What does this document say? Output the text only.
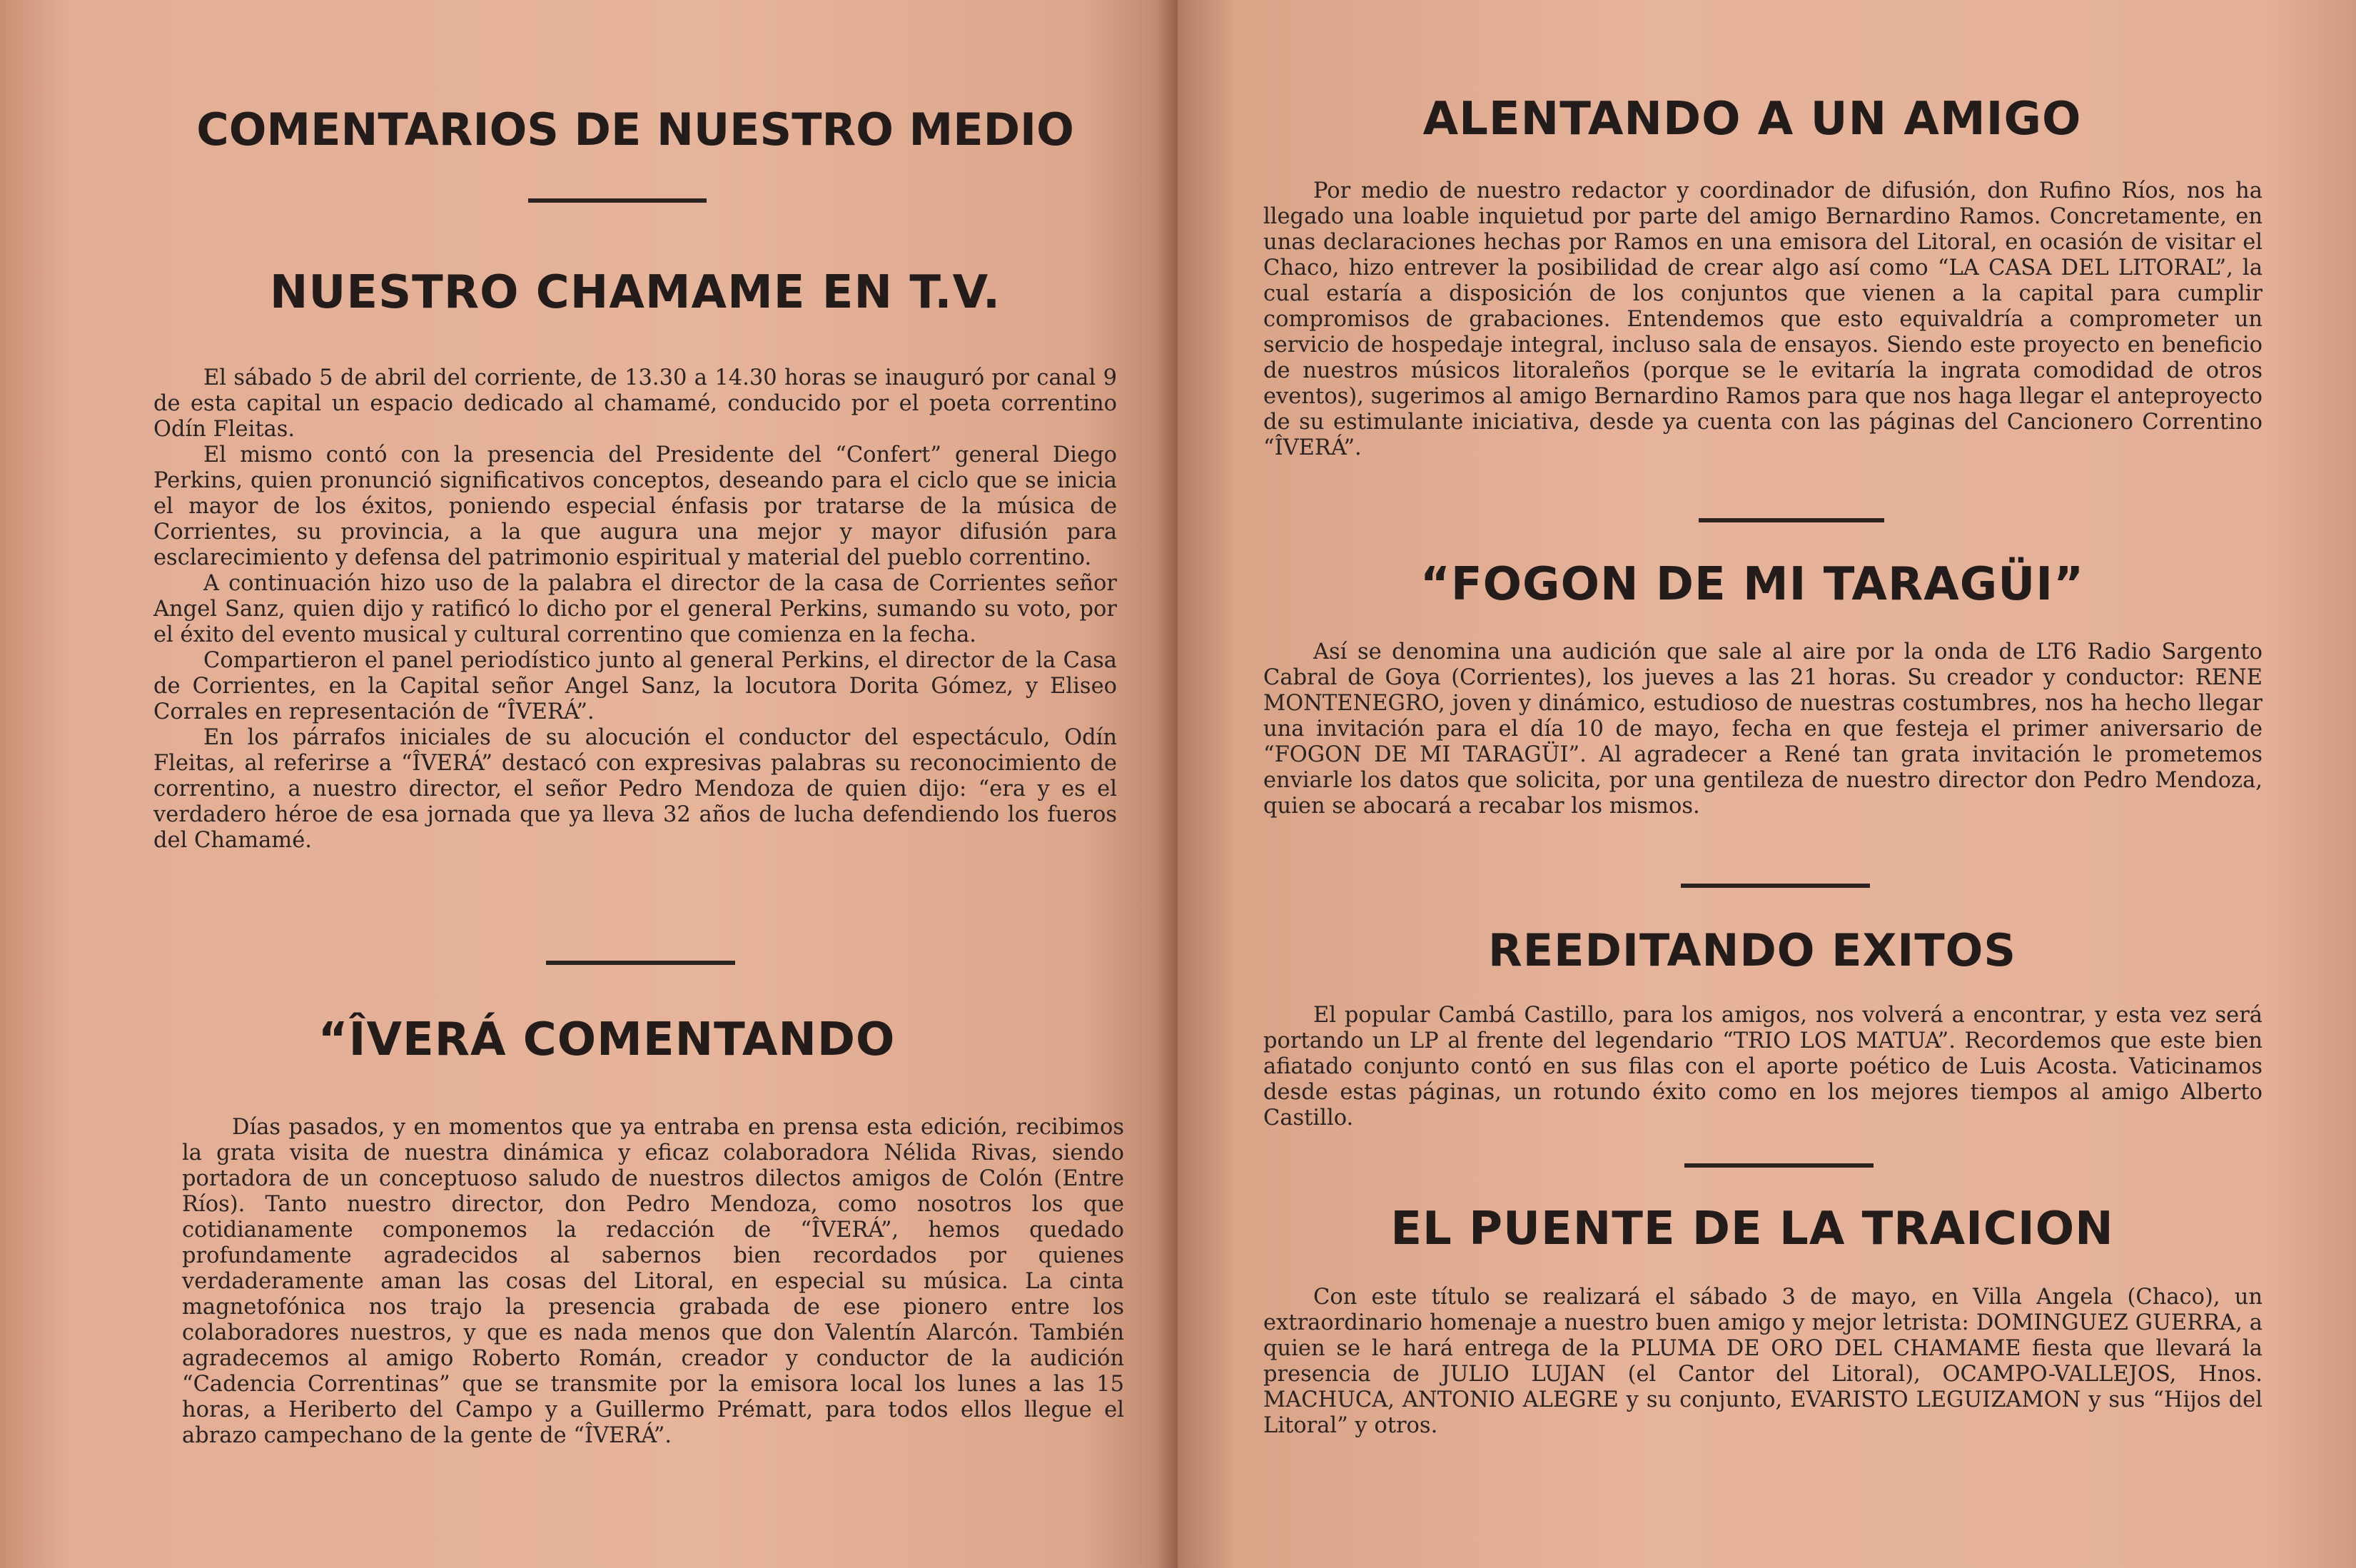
COMENTARIOS DE NUESTRO MEDIO
NUESTRO CHAMAME EN T.V.

El sábado 5 de abril del corriente, de 13.30 a 14.30 horas se inauguró por canal 9 de esta capital un espacio dedicado al chamamé, conducido por el poeta correntino Odín Fleitas.

El mismo contó con la presencia del Presidente del “Confert” general Diego Perkins, quien pronunció significativos conceptos, deseando para el ciclo que se inicia el mayor de los éxitos, poniendo especial énfasis por tratarse de la música de Corrientes, su provincia, a la que augura una mejor y mayor difusión para esclarecimiento y defensa del patrimonio espiritual y material del pueblo correntino.

A continuación hizo uso de la palabra el director de la casa de Corrientes señor Angel Sanz, quien dijo y ratificó lo dicho por el general Perkins, sumando su voto, por el éxito del evento musical y cultural correntino que comienza en la fecha.

Compartieron el panel periodístico junto al general Perkins, el director de la Casa de Corrientes, en la Capital señor Angel Sanz, la locutora Dorita Gómez, y Eliseo Corrales en representación de “ÎVERÁ”.

En los párrafos iniciales de su alocución el conductor del espectáculo, Odín Fleitas, al referirse a “ÎVERÁ” destacó con expresivas palabras su reconocimiento de correntino, a nuestro director, el señor Pedro Mendoza de quien dijo: “era y es el verdadero héroe de esa jornada que ya lleva 32 años de lucha defendiendo los fueros del Chamamé.

“ÎVERÁ COMENTANDO

Días pasados, y en momentos que ya entraba en prensa esta edición, recibimos la grata visita de nuestra dinámica y eficaz colaboradora Nélida Rivas, siendo portadora de un conceptuoso saludo de nuestros dilectos amigos de Colón (Entre Ríos). Tanto nuestro director, don Pedro Mendoza, como nosotros los que cotidianamente componemos la redacción de “ÎVERÁ”, hemos quedado profundamente agradecidos al sabernos bien recordados por quienes verdaderamente aman las cosas del Litoral, en especial su música. La cinta magnetofónica nos trajo la presencia grabada de ese pionero entre los colaboradores nuestros, y que es nada menos que don Valentín Alarcón. También agradecemos al amigo Roberto Román, creador y conductor de la audición “Cadencia Correntinas” que se transmite por la emisora local los lunes a las 15 horas, a Heriberto del Campo y a Guillermo Prématt, para todos ellos llegue el abrazo campechano de la gente de “ÎVERÁ”.

ALENTANDO A UN AMIGO

Por medio de nuestro redactor y coordinador de difusión, don Rufino Ríos, nos ha llegado una loable inquietud por parte del amigo Bernardino Ramos. Concretamente, en unas declaraciones hechas por Ramos en una emisora del Litoral, en ocasión de visitar el Chaco, hizo entrever la posibilidad de crear algo así como “LA CASA DEL LITORAL”, la cual estaría a disposición de los conjuntos que vienen a la capital para cumplir compromisos de grabaciones. Entendemos que esto equivaldría a comprometer un servicio de hospedaje integral, incluso sala de ensayos. Siendo este proyecto en beneficio de nuestros músicos litoraleños (porque se le evitaría la ingrata comodidad de otros eventos), sugerimos al amigo Bernardino Ramos para que nos haga llegar el anteproyecto de su estimulante iniciativa, desde ya cuenta con las páginas del Cancionero Correntino “ÎVERÁ”.

“FOGON DE MI TARAGÜI”

Así se denomina una audición que sale al aire por la onda de LT6 Radio Sargento Cabral de Goya (Corrientes), los jueves a las 21 horas. Su creador y conductor: RENE MONTENEGRO, joven y dinámico, estudioso de nuestras costumbres, nos ha hecho llegar una invitación para el día 10 de mayo, fecha en que festeja el primer aniversario de “FOGON DE MI TARAGÜI”. Al agradecer a René tan grata invitación le prometemos enviarle los datos que solicita, por una gentileza de nuestro director don Pedro Mendoza, quien se abocará a recabar los mismos.

REEDITANDO EXITOS

El popular Cambá Castillo, para los amigos, nos volverá a encontrar, y esta vez será portando un LP al frente del legendario “TRIO LOS MATUA”. Recordemos que este bien afiatado conjunto contó en sus filas con el aporte poético de Luis Acosta. Vaticinamos desde estas páginas, un rotundo éxito como en los mejores tiempos al amigo Alberto Castillo.

EL PUENTE DE LA TRAICION

Con este título se realizará el sábado 3 de mayo, en Villa Angela (Chaco), un extraordinario homenaje a nuestro buen amigo y mejor letrista: DOMINGUEZ GUERRA, a quien se le hará entrega de la PLUMA DE ORO DEL CHAMAME fiesta que llevará la presencia de JULIO LUJAN (el Cantor del Litoral), OCAMPO-VALLEJOS, Hnos. MACHUCA, ANTONIO ALEGRE y su conjunto, EVARISTO LEGUIZAMON y sus “Hijos del Litoral” y otros.
